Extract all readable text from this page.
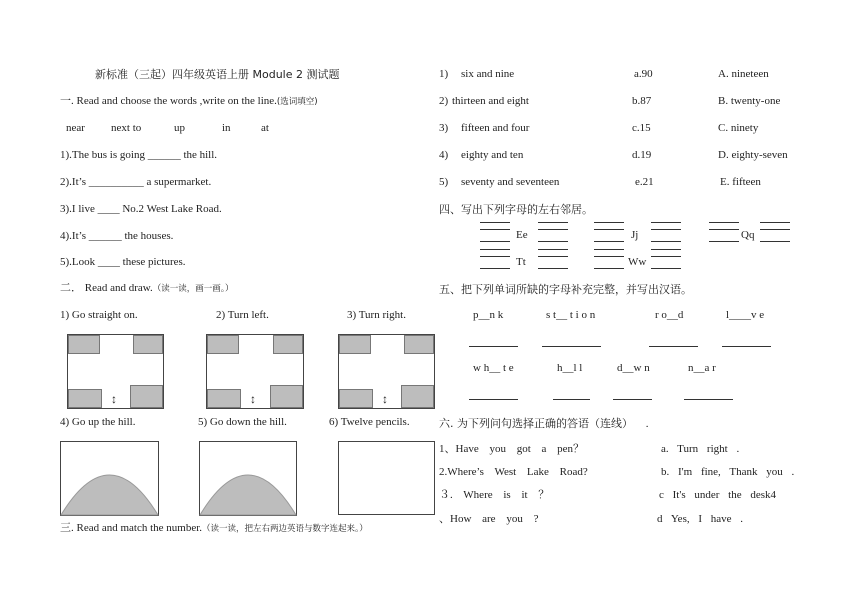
新标准（三起）四年级英语上册 Module 2 测试题
一. Read and choose the words ,write on the line.(选词填空)
near next to	up	in	at
1).The bus is going ______ the hill.
2).It’s __________ a supermarket.
3).I live ____ No.2 West Lake Road.
4).It’s ______ the houses.
5).Look ____ these pictures.
二． Read and draw.（读一读，画一画。）
1) Go straight on.	2) Turn left.	3) Turn right.
↕	↕	↕
4) Go up the hill.	5) Go down the hill.	6) Twelve pencils.
三. Read and match the number.（读一读，把左右两边英语与数字连起来。）
1) six and nine	a.90	A. nineteen
2) thirteen and eight	b.87	B. twenty-one
3) fifteen and four	c.15	C. ninety
4) eighty and ten	d.19	D. eighty-seven
5) seventy and seventeen	e.21	E. fifteen
四、写出下列字母的左右邻居。
Ee	Jj	Qq
Tt	Ww
五、把下列单词所缺的字母补充完整，并写出汉语。
p__n k	s t__ t i o n	r o__d	l____v e
w h__ t e	h__l l	d__w n	n__a r
六. 为下列问句选择正确的答语（连线） .
1、Have you got a pen？
2.Where’s West Lake Road?
３. Where is it ？
、How are you ?
a. Turn right .
b. I'm fine, Thank you .
c It's under the desk4
d Yes, I have .
